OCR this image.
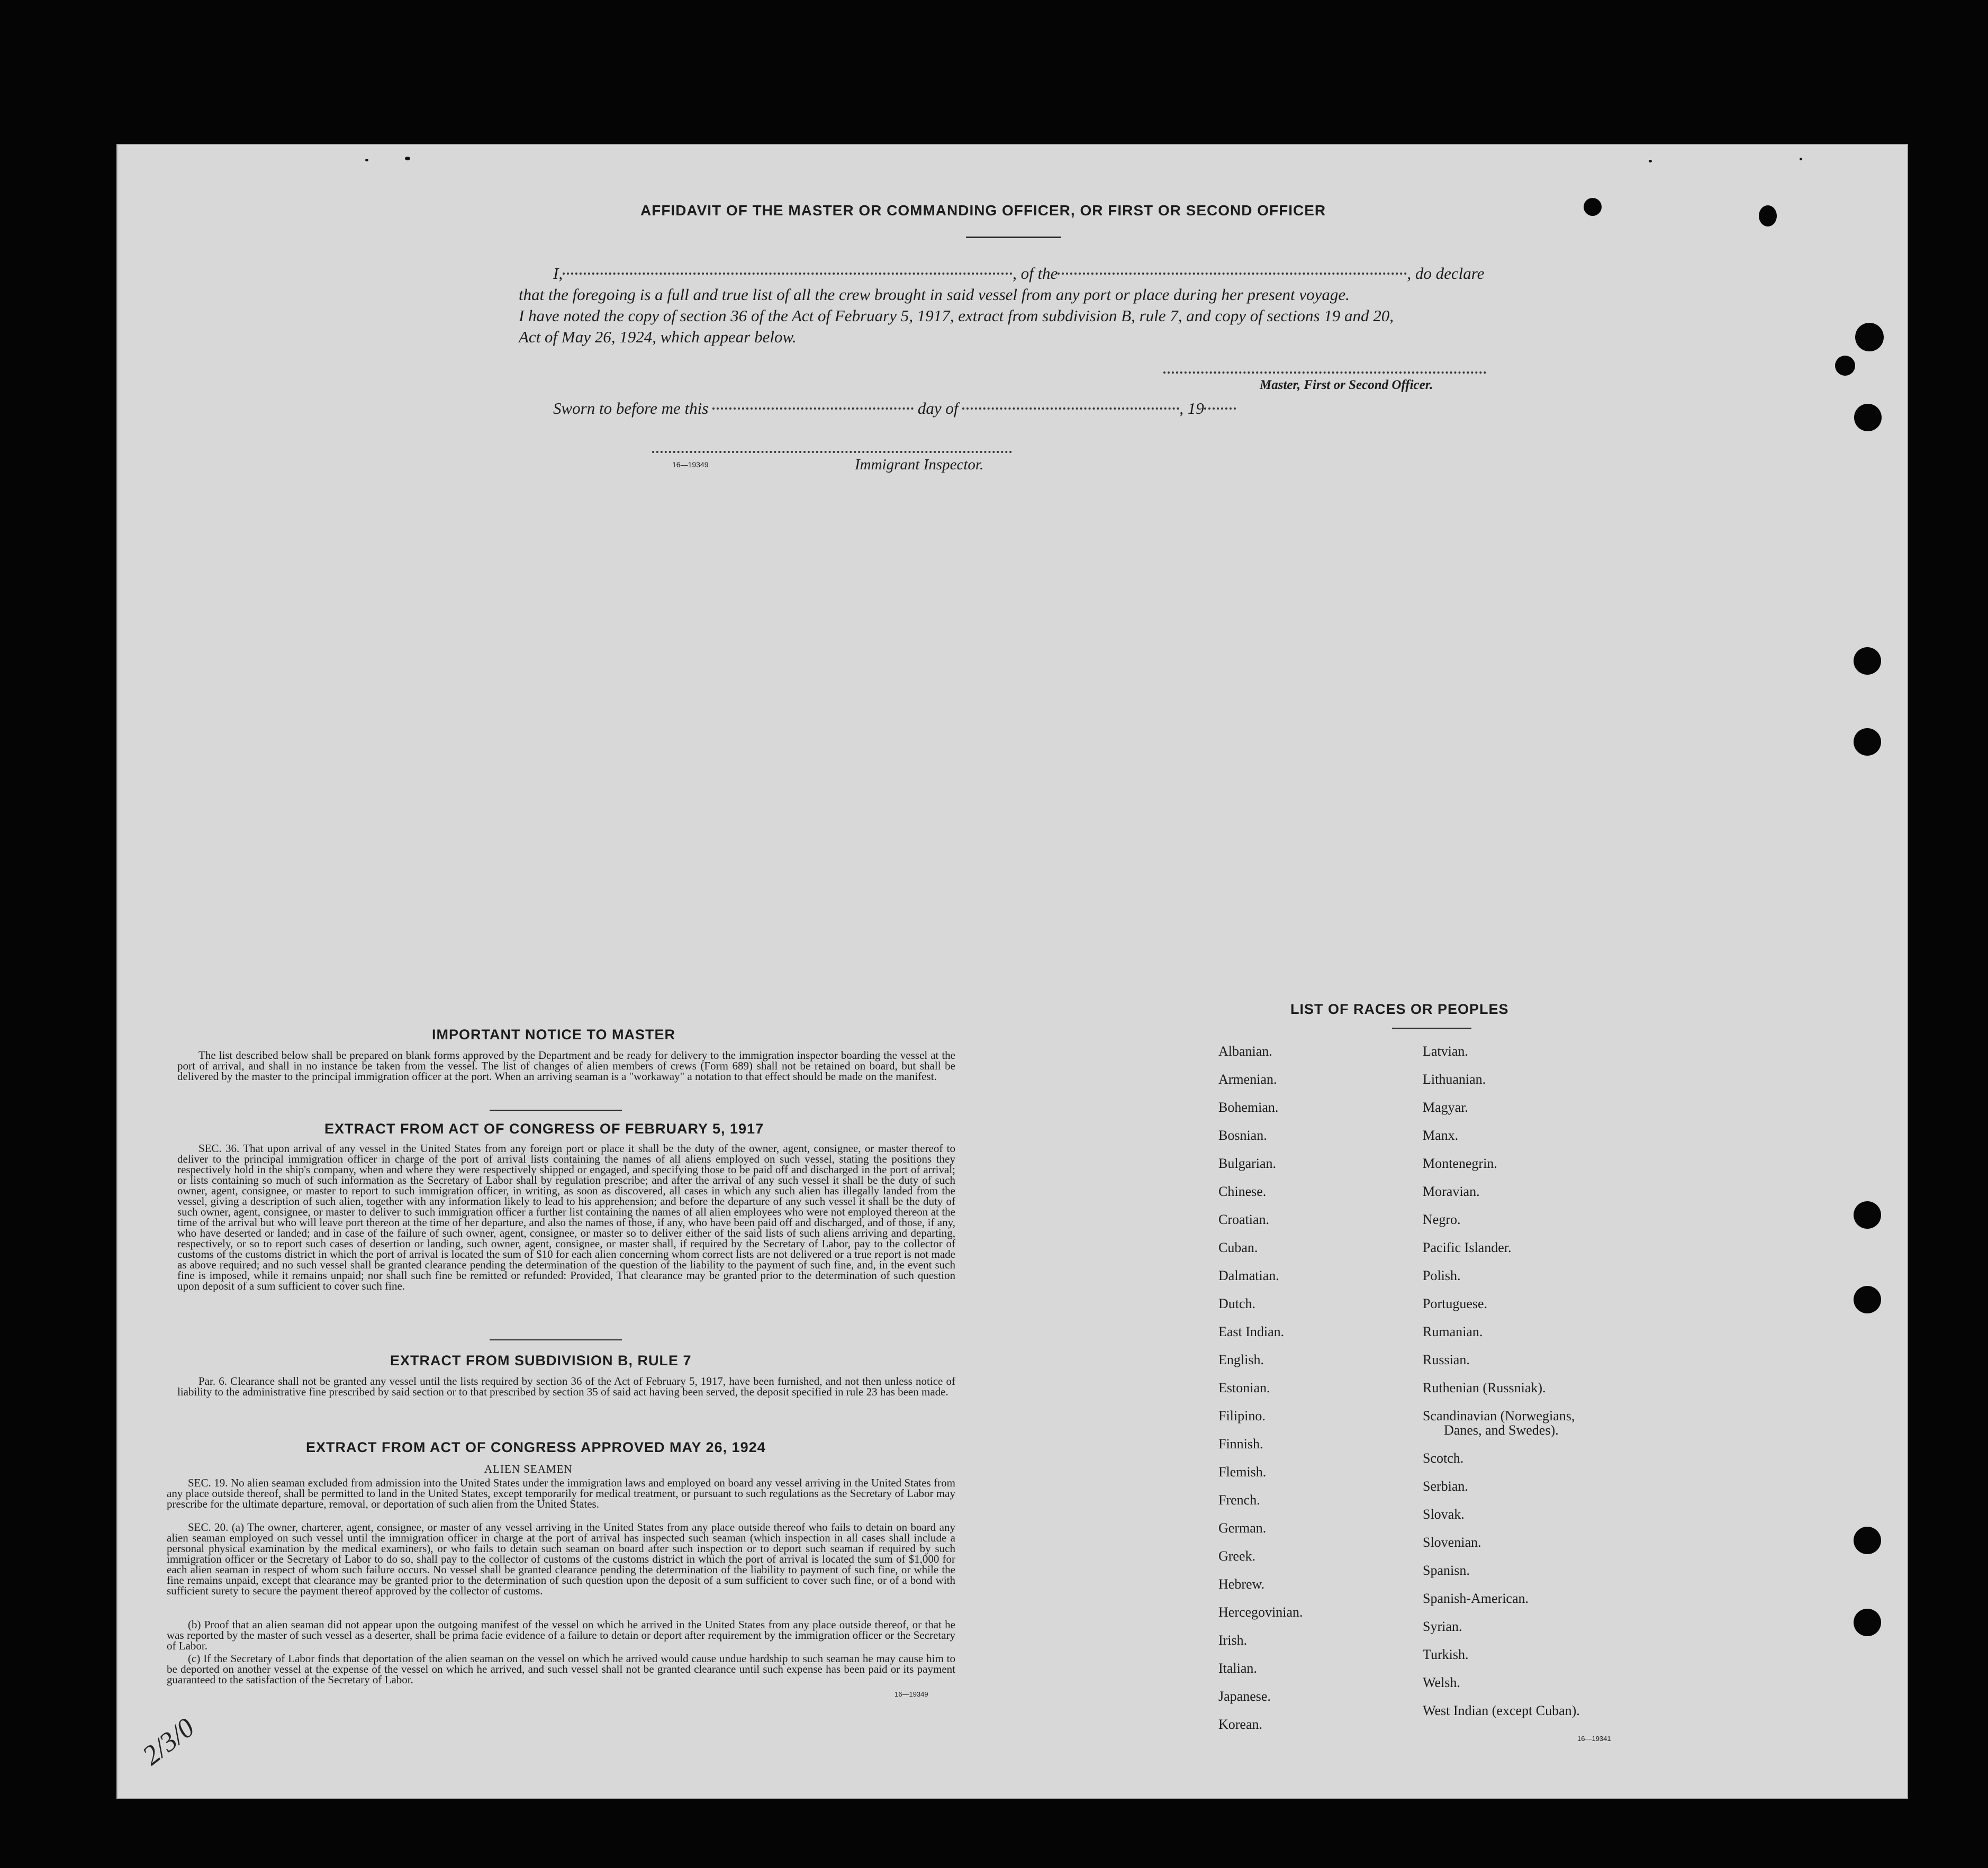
AFFIDAVIT OF THE MASTER OR COMMANDING OFFICER, OR FIRST OR SECOND OFFICER
I,	, of the	, do declare
that the foregoing is a full and true list of all the crew brought in said vessel from any port or place during her present voyage.
I have noted the copy of section 36 of the Act of February 5, 1917, extract from subdivision B, rule 7, and copy of sections 19 and 20,
Act of May 26, 1924, which appear below.
Master, First or Second Officer.
Sworn to before me this	day of	, 19
16—19349	Immigrant Inspector.
IMPORTANT NOTICE TO MASTER
The list described below shall be prepared on blank forms approved by the Department and be ready for delivery to the immigration inspector boarding the vessel at the port of arrival, and shall in no instance be taken from the vessel. The list of changes of alien members of crews (Form 689) shall not be retained on board, but shall be delivered by the master to the principal immigration officer at the port. When an arriving seaman is a "workaway" a notation to that effect should be made on the manifest.
EXTRACT FROM ACT OF CONGRESS OF FEBRUARY 5, 1917
SEC. 36. That upon arrival of any vessel in the United States from any foreign port or place it shall be the duty of the owner, agent, consignee, or master thereof to deliver to the principal immigration officer in charge of the port of arrival lists containing the names of all aliens employed on such vessel, stating the positions they respectively hold in the ship's company, when and where they were respectively shipped or engaged, and specifying those to be paid off and discharged in the port of arrival; or lists containing so much of such information as the Secretary of Labor shall by regulation prescribe; and after the arrival of any such vessel it shall be the duty of such owner, agent, consignee, or master to report to such immigration officer, in writing, as soon as discovered, all cases in which any such alien has illegally landed from the vessel, giving a description of such alien, together with any information likely to lead to his apprehension; and before the departure of any such vessel it shall be the duty of such owner, agent, consignee, or master to deliver to such immigration officer a further list containing the names of all alien employees who were not employed thereon at the time of the arrival but who will leave port thereon at the time of her departure, and also the names of those, if any, who have been paid off and discharged, and of those, if any, who have deserted or landed; and in case of the failure of such owner, agent, consignee, or master so to deliver either of the said lists of such aliens arriving and departing, respectively, or so to report such cases of desertion or landing, such owner, agent, consignee, or master shall, if required by the Secretary of Labor, pay to the collector of customs of the customs district in which the port of arrival is located the sum of $10 for each alien concerning whom correct lists are not delivered or a true report is not made as above required; and no such vessel shall be granted clearance pending the determination of the question of the liability to the payment of such fine, and, in the event such fine is imposed, while it remains unpaid; nor shall such fine be remitted or refunded: Provided, That clearance may be granted prior to the determination of such question upon deposit of a sum sufficient to cover such fine.
EXTRACT FROM SUBDIVISION B, RULE 7
Par. 6. Clearance shall not be granted any vessel until the lists required by section 36 of the Act of February 5, 1917, have been furnished, and not then unless notice of liability to the administrative fine prescribed by said section or to that prescribed by section 35 of said act having been served, the deposit specified in rule 23 has been made.
EXTRACT FROM ACT OF CONGRESS APPROVED MAY 26, 1924
ALIEN SEAMEN
SEC. 19. No alien seaman excluded from admission into the United States under the immigration laws and employed on board any vessel arriving in the United States from any place outside thereof, shall be permitted to land in the United States, except temporarily for medical treatment, or pursuant to such regulations as the Secretary of Labor may prescribe for the ultimate departure, removal, or deportation of such alien from the United States.
SEC. 20. (a) The owner, charterer, agent, consignee, or master of any vessel arriving in the United States from any place outside thereof who fails to detain on board any alien seaman employed on such vessel until the immigration officer in charge at the port of arrival has inspected such seaman (which inspection in all cases shall include a personal physical examination by the medical examiners), or who fails to detain such seaman on board after such inspection or to deport such seaman if required by such immigration officer or the Secretary of Labor to do so, shall pay to the collector of customs of the customs district in which the port of arrival is located the sum of $1,000 for each alien seaman in respect of whom such failure occurs. No vessel shall be granted clearance pending the determination of the liability to payment of such fine, or while the fine remains unpaid, except that clearance may be granted prior to the determination of such question upon the deposit of a sum sufficient to cover such fine, or of a bond with sufficient surety to secure the payment thereof approved by the collector of customs.
(b) Proof that an alien seaman did not appear upon the outgoing manifest of the vessel on which he arrived in the United States from any place outside thereof, or that he was reported by the master of such vessel as a deserter, shall be prima facie evidence of a failure to detain or deport after requirement by the immigration officer or the Secretary of Labor.
(c) If the Secretary of Labor finds that deportation of the alien seaman on the vessel on which he arrived would cause undue hardship to such seaman he may cause him to be deported on another vessel at the expense of the vessel on which he arrived, and such vessel shall not be granted clearance until such expense has been paid or its payment guaranteed to the satisfaction of the Secretary of Labor.
16—19349
LIST OF RACES OR PEOPLES
Albanian.
Armenian.
Bohemian.
Bosnian.
Bulgarian.
Chinese.
Croatian.
Cuban.
Dalmatian.
Dutch.
East Indian.
English.
Estonian.
Filipino.
Finnish.
Flemish.
French.
German.
Greek.
Hebrew.
Hercegovinian.
Irish.
Italian.
Japanese.
Korean.
Latvian.
Lithuanian.
Magyar.
Manx.
Montenegrin.
Moravian.
Negro.
Pacific Islander.
Polish.
Portuguese.
Rumanian.
Russian.
Ruthenian (Russniak).
Scandinavian (Norwegians,
Danes, and Swedes).
Scotch.
Serbian.
Slovak.
Slovenian.
Spanisn.
Spanish-American.
Syrian.
Turkish.
Welsh.
West Indian (except Cuban).
16—19341
2/3/0
